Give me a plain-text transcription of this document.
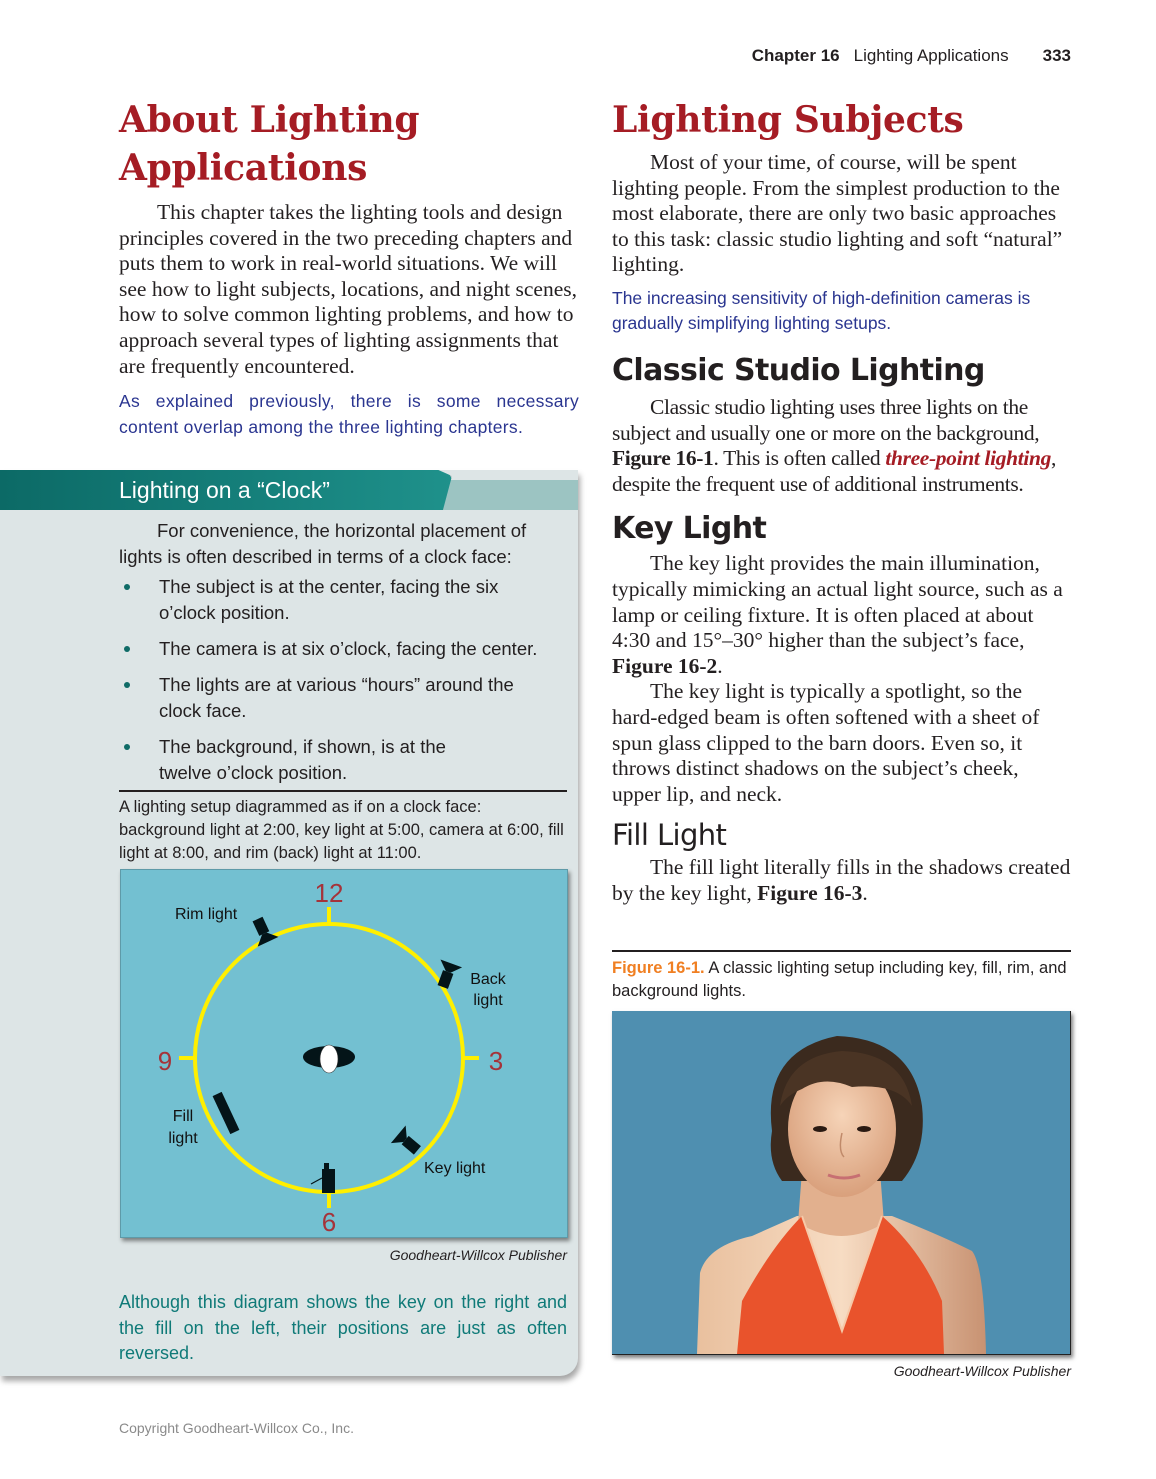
Chapter 16 Lighting Applications 333
About Lighting
Applications

This chapter takes the lighting tools and design principles covered in the two preceding chapters and puts them to work in real-world situations. We will see how to light subjects, locations, and night scenes, how to solve common lighting problems, and how to approach several types of lighting assignments that are frequently encountered.

As explained previously, there is some necessary content overlap among the three lighting chapters.

Lighting on a “Clock”

For convenience, the horizontal placement of lights is often described in terms of a clock face:

The subject is at the center, facing the six o’clock position.
The camera is at six o’clock, facing the center.
The lights are at various “hours” around the clock face.
The background, if shown, is at the twelve o’clock position.

A lighting setup diagrammed as if on a clock face: background light at 2:00, key light at 5:00, camera at 6:00, fill light at 8:00, and rim (back) light at 11:00.

12
3
6
9
Rim light
Back
light
Fill
light
Key light
Goodheart-Willcox Publisher

Although this diagram shows the key on the right and the fill on the left, their positions are just as often reversed.

Lighting Subjects

Most of your time, of course, will be spent lighting people. From the simplest production to the most elaborate, there are only two basic approaches to this task: classic studio lighting and soft “natural” lighting.

The increasing sensitivity of high-definition cameras is gradually simplifying lighting setups.

Classic Studio Lighting

Classic studio lighting uses three lights on the subject and usually one or more on the background, Figure 16-1. This is often called three-point lighting, despite the frequent use of additional instruments.

Key Light

The key light provides the main illumination, typically mimicking an actual light source, such as a lamp or ceiling fixture. It is often placed at about 4:30 and 15°–30° higher than the subject’s face, Figure 16-2.

The key light is typically a spotlight, so the hard-edged beam is often softened with a sheet of spun glass clipped to the barn doors. Even so, it throws distinct shadows on the subject’s cheek, upper lip, and neck.

Fill Light

The fill light literally fills in the shadows created by the key light, Figure 16-3.

Figure 16-1. A classic lighting setup including key, fill, rim, and background lights.

Goodheart-Willcox Publisher
Copyright Goodheart-Willcox Co., Inc.
